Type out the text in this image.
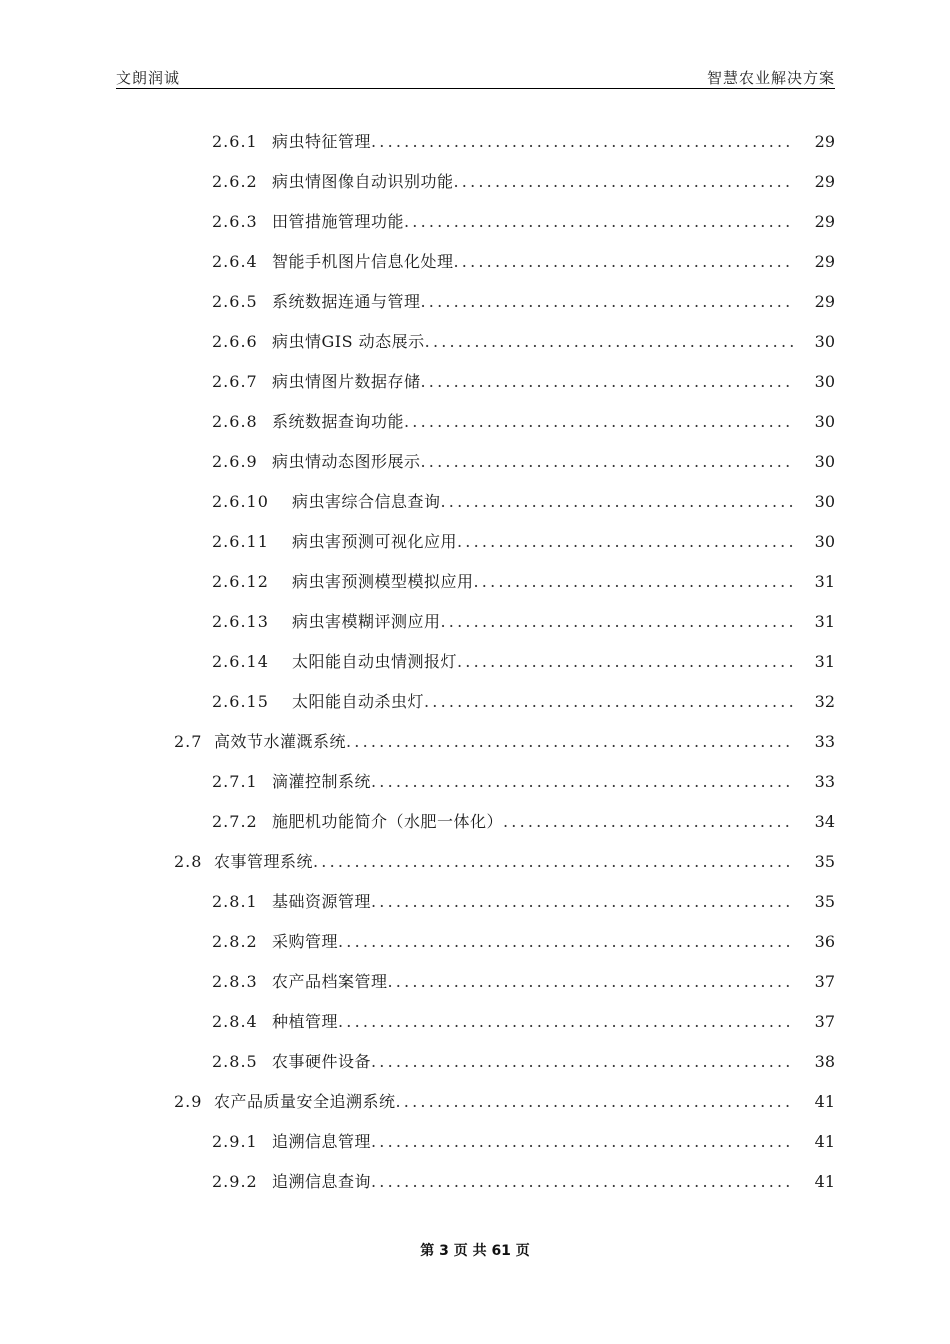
文朗润诚	智慧农业解决方案
2.6.1 病虫特征管理 .....	29
2.6.2 病虫情图像自动识别功能 .....	29
2.6.3 田管措施管理功能 .....	29
2.6.4 智能手机图片信息化处理 .....	29
2.6.5 系统数据连通与管理 .....	29
2.6.6 病虫情GIS 动态展示 .....	30
2.6.7 病虫情图片数据存储 .....	30
2.6.8 系统数据查询功能 .....	30
2.6.9 病虫情动态图形展示 .....	30
2.6.10	病虫害综合信息查询 .....	30
2.6.11	病虫害预测可视化应用 .....	30
2.6.12	病虫害预测模型模拟应用 .....	31
2.6.13	病虫害模糊评测应用 .....	31
2.6.14	太阳能自动虫情测报灯 .....	31
2.6.15	太阳能自动杀虫灯 .....	32
2.7 高效节水灌溉系统 .....	33
2.7.1 滴灌控制系统 .....	33
2.7.2 施肥机功能简介（水肥一体化） .....	34
2.8 农事管理系统 .....	35
2.8.1 基础资源管理 .....	35
2.8.2 采购管理 .....	36
2.8.3 农产品档案管理 .....	37
2.8.4 种植管理 .....	37
2.8.5 农事硬件设备 .....	38
2.9 农产品质量安全追溯系统 .....	41
2.9.1 追溯信息管理 .....	41
2.9.2 追溯信息查询 .....	41
第 3 页 共 61 页
